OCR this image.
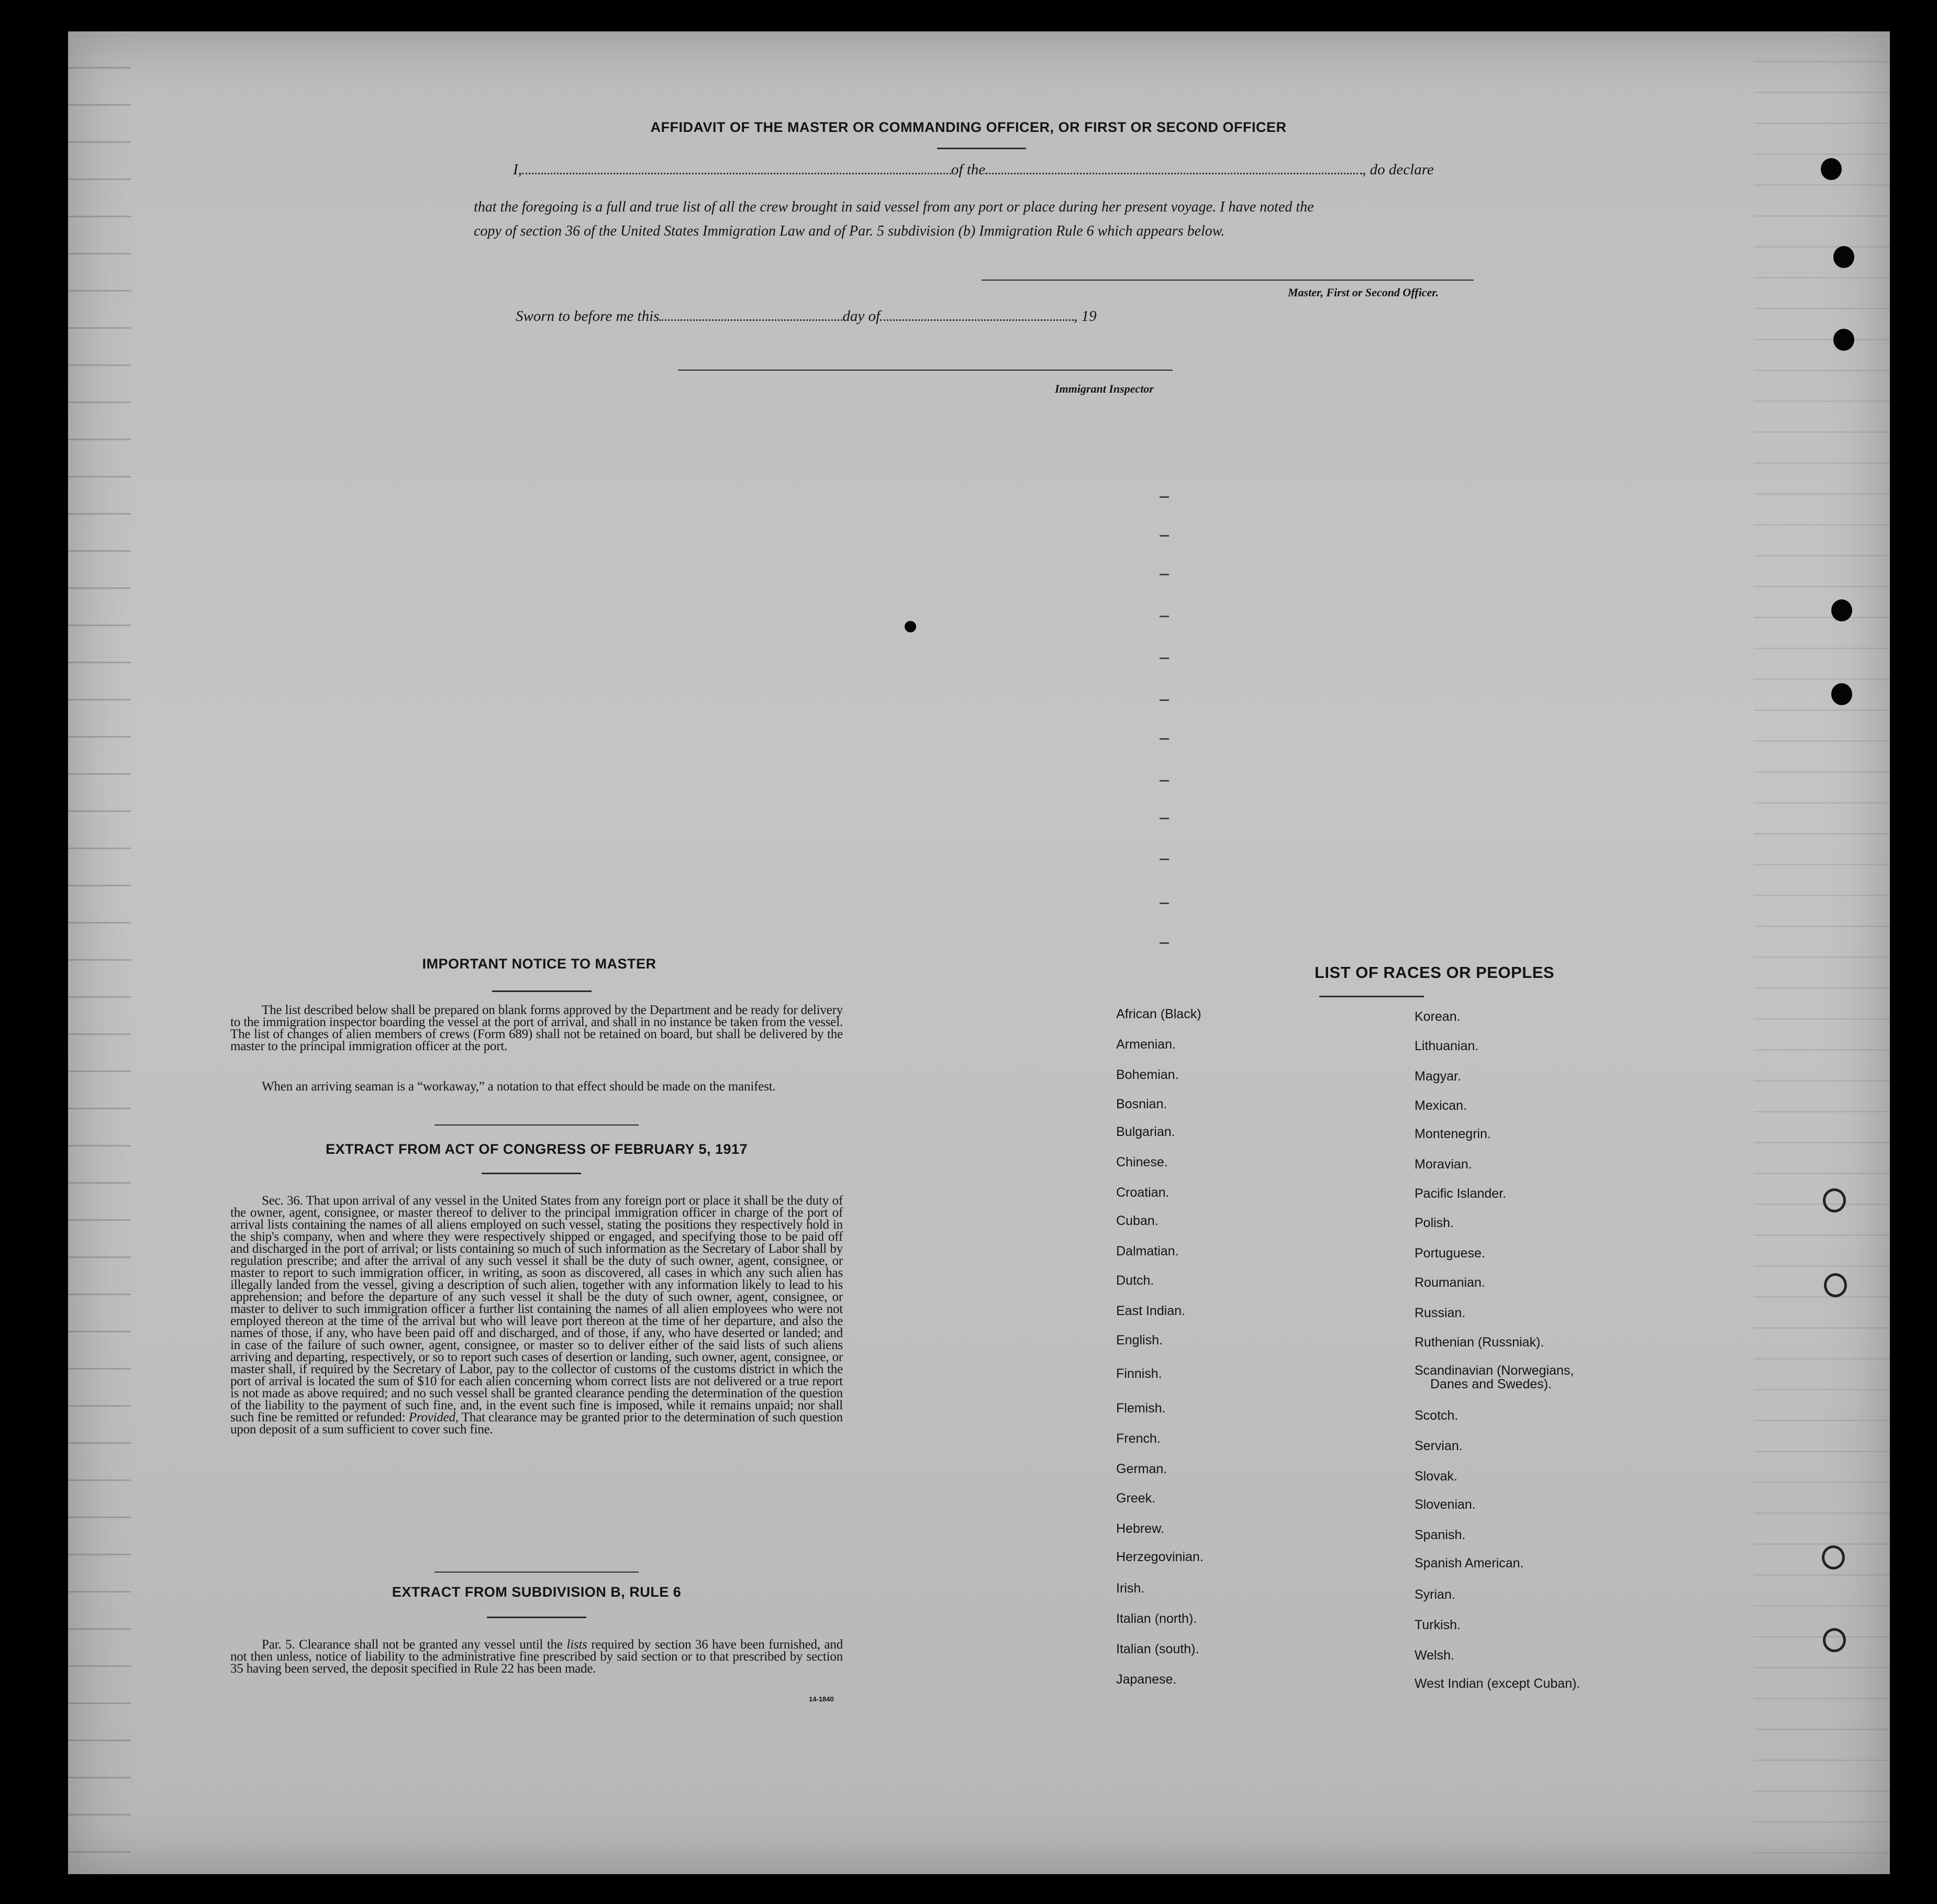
AFFIDAVIT OF THE MASTER OR COMMANDING OFFICER, OR FIRST OR SECOND OFFICER
I,	of the	, do declare
that the foregoing is a full and true list of all the crew brought in said vessel from any port or place during her present voyage. I have noted the
copy of section 36 of the United States Immigration Law and of Par. 5 subdivision (b) Immigration Rule 6 which appears below.
Master, First or Second Officer.
Sworn to before me this	day of	, 19
Immigrant Inspector
IMPORTANT NOTICE TO MASTER
The list described below shall be prepared on blank forms approved by the Department and be ready for delivery to the immigration inspector boarding the vessel at the port of arrival, and shall in no instance be taken from the vessel. The list of changes of alien members of crews (Form 689) shall not be retained on board, but shall be delivered by the master to the principal immigration officer at the port.
When an arriving seaman is a “workaway,” a notation to that effect should be made on the manifest.
EXTRACT FROM ACT OF CONGRESS OF FEBRUARY 5, 1917
Sec. 36. That upon arrival of any vessel in the United States from any foreign port or place it shall be the duty of the owner, agent, consignee, or master thereof to deliver to the principal immigration officer in charge of the port of arrival lists containing the names of all aliens employed on such vessel, stating the positions they respectively hold in the ship's company, when and where they were respectively shipped or engaged, and specifying those to be paid off and discharged in the port of arrival; or lists containing so much of such information as the Secretary of Labor shall by regulation prescribe; and after the arrival of any such vessel it shall be the duty of such owner, agent, consignee, or master to report to such immigration officer, in writing, as soon as discovered, all cases in which any such alien has illegally landed from the vessel, giving a description of such alien, together with any information likely to lead to his apprehension; and before the departure of any such vessel it shall be the duty of such owner, agent, consignee, or master to deliver to such immigration officer a further list containing the names of all alien employees who were not employed thereon at the time of the arrival but who will leave port thereon at the time of her departure, and also the names of those, if any, who have been paid off and discharged, and of those, if any, who have deserted or landed; and in case of the failure of such owner, agent, consignee, or master so to deliver either of the said lists of such aliens arriving and departing, respectively, or so to report such cases of desertion or landing, such owner, agent, consignee, or master shall, if required by the Secretary of Labor, pay to the collector of customs of the customs district in which the port of arrival is located the sum of $10 for each alien concerning whom correct lists are not delivered or a true report is not made as above required; and no such vessel shall be granted clearance pending the determination of the question of the liability to the payment of such fine, and, in the event such fine is imposed, while it remains unpaid; nor shall such fine be remitted or refunded: Provided, That clearance may be granted prior to the determination of such question upon deposit of a sum sufficient to cover such fine.
EXTRACT FROM SUBDIVISION B, RULE 6
Par. 5. Clearance shall not be granted any vessel until the lists required by section 36 have been furnished, and not then unless, notice of liability to the administrative fine prescribed by said section or to that prescribed by section 35 having been served, the deposit specified in Rule 22 has been made.
14-1840
LIST OF RACES OR PEOPLES
African (Black)
Armenian.
Bohemian.
Bosnian.
Bulgarian.
Chinese.
Croatian.
Cuban.
Dalmatian.
Dutch.
East Indian.
English.
Finnish.
Flemish.
French.
German.
Greek.
Hebrew.
Herzegovinian.
Irish.
Italian (north).
Italian (south).
Japanese.
Korean.
Lithuanian.
Magyar.
Mexican.
Montenegrin.
Moravian.
Pacific Islander.
Polish.
Portuguese.
Roumanian.
Russian.
Ruthenian (Russniak).
Scandinavian (Norwegians,
Danes and Swedes).
Scotch.
Servian.
Slovak.
Slovenian.
Spanish.
Spanish American.
Syrian.
Turkish.
Welsh.
West Indian (except Cuban).
